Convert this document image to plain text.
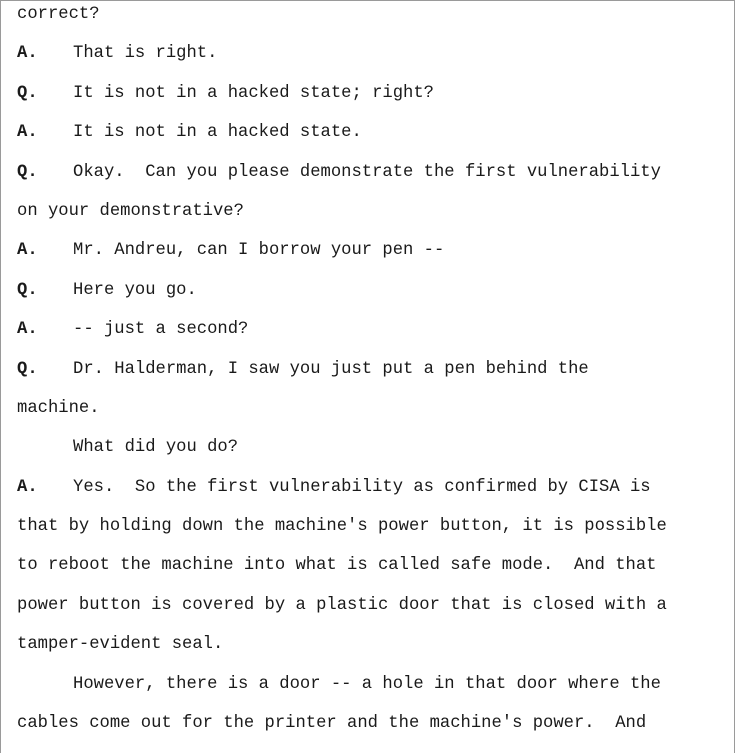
correct?
A. That is right.
Q. It is not in a hacked state; right?
A. It is not in a hacked state.
Q. Okay.  Can you please demonstrate the first vulnerability
on your demonstrative?
A. Mr. Andreu, can I borrow your pen --
Q. Here you go.
A. -- just a second?
Q. Dr. Halderman, I saw you just put a pen behind the
machine.
What did you do?
A. Yes.  So the first vulnerability as confirmed by CISA is
that by holding down the machine's power button, it is possible
to reboot the machine into what is called safe mode.  And that
power button is covered by a plastic door that is closed with a
tamper-evident seal.
However, there is a door -- a hole in that door where the
cables come out for the printer and the machine's power.  And
